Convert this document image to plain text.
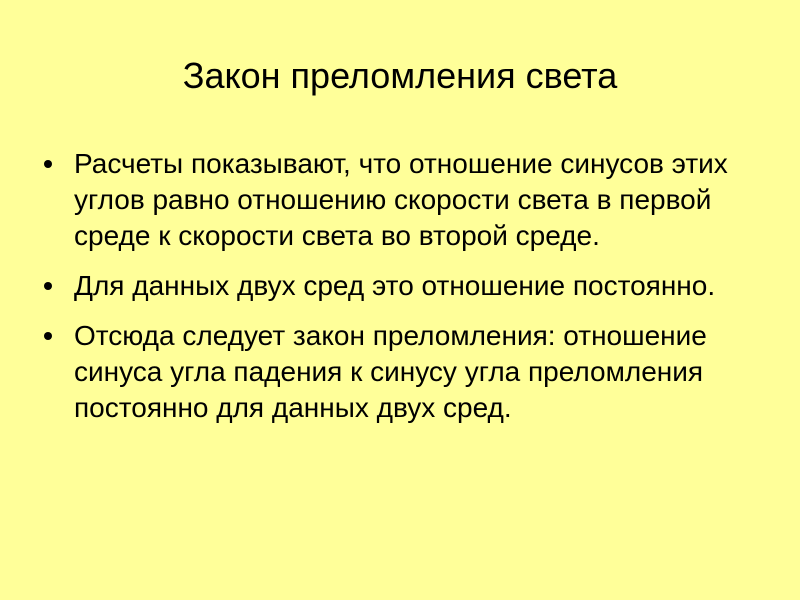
Закон преломления света
Расчеты показывают, что отношение синусов этих углов равно отношению скорости света в первой среде к скорости света во второй среде.
Для данных двух сред это отношение постоянно.
Отсюда следует закон преломления: отношение синуса угла падения к синусу угла преломления постоянно для данных двух сред.
